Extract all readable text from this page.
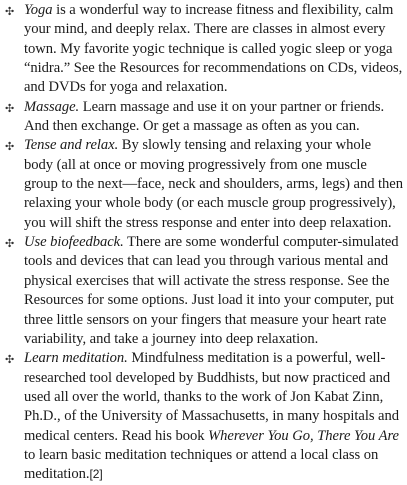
✣ Yoga is a wonderful way to increase fitness and flexibility, calm your mind, and deeply relax. There are classes in almost every town. My favorite yogic technique is called yogic sleep or yoga “nidra.” See the Resources for recommendations on CDs, videos, and DVDs for yoga and relaxation.
✣ Massage. Learn massage and use it on your partner or friends. And then exchange. Or get a massage as often as you can.
✣ Tense and relax. By slowly tensing and relaxing your whole body (all at once or moving progressively from one muscle group to the next—face, neck and shoulders, arms, legs) and then relaxing your whole body (or each muscle group progressively), you will shift the stress response and enter into deep relaxation.
✣ Use biofeedback. There are some wonderful computer-simulated tools and devices that can lead you through various mental and physical exercises that will activate the stress response. See the Resources for some options. Just load it into your computer, put three little sensors on your fingers that measure your heart rate variability, and take a journey into deep relaxation.
✣ Learn meditation. Mindfulness meditation is a powerful, well-researched tool developed by Buddhists, but now practiced and used all over the world, thanks to the work of Jon Kabat Zinn, Ph.D., of the University of Massachusetts, in many hospitals and medical centers. Read his book Wherever You Go, There You Are to learn basic meditation techniques or attend a local class on meditation.[2]
